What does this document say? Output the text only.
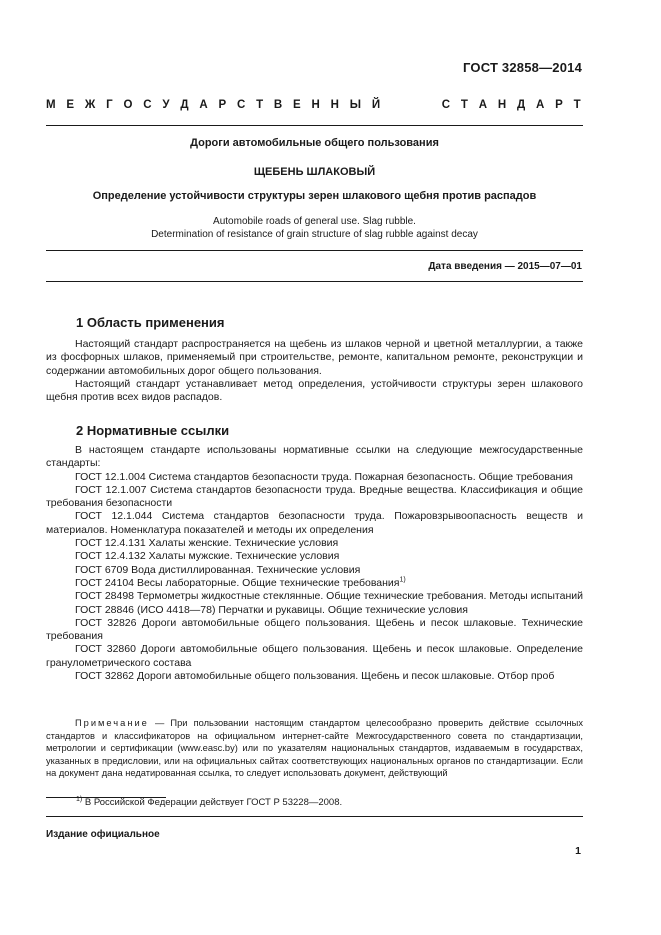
ГОСТ 32858—2014
М Е Ж Г О С У Д А Р С Т В Е Н Н Ы Й	С Т А Н Д А Р Т
Дороги автомобильные общего пользования
ЩЕБЕНЬ ШЛАКОВЫЙ
Определение устойчивости структуры зерен шлакового щебня против распадов
Automobile roads of general use. Slag rubble.
Determination of resistance of grain structure of slag rubble against decay
Дата введения — 2015—07—01
1 Область применения

Настоящий стандарт распространяется на щебень из шлаков черной и цветной металлургии, а также из фосфорных шлаков, применяемый при строительстве, ремонте, капитальном ремонте, реконструкции и содержании автомобильных дорог общего пользования.

Настоящий стандарт устанавливает метод определения, устойчивости структуры зерен шлакового щебня против всех видов распадов.

2 Нормативные ссылки

В настоящем стандарте использованы нормативные ссылки на следующие межгосударственные стандарты:

ГОСТ 12.1.004 Система стандартов безопасности труда. Пожарная безопасность. Общие требования

ГОСТ 12.1.007 Система стандартов безопасности труда. Вредные вещества. Классификация и общие требования безопасности

ГОСТ 12.1.044 Система стандартов безопасности труда. Пожаровзрывоопасность веществ и материалов. Номенклатура показателей и методы их определения

ГОСТ 12.4.131 Халаты женские. Технические условия

ГОСТ 12.4.132 Халаты мужские. Технические условия

ГОСТ 6709 Вода дистиллированная. Технические условия

ГОСТ 24104 Весы лабораторные. Общие технические требования$^{1)}$

ГОСТ 28498 Термометры жидкостные стеклянные. Общие технические требования. Методы испытаний

ГОСТ 28846 (ИСО 4418—78) Перчатки и рукавицы. Общие технические условия

ГОСТ 32826 Дороги автомобильные общего пользования. Щебень и песок шлаковые. Технические требования

ГОСТ 32860 Дороги автомобильные общего пользования. Щебень и песок шлаковые. Определение гранулометрического состава

ГОСТ 32862 Дороги автомобильные общего пользования. Щебень и песок шлаковые. Отбор проб

Примечание — При пользовании настоящим стандартом целесообразно проверить действие ссылочных стандартов и классификаторов на официальном интернет-сайте Межгосударственного совета по стандартизации, метрологии и сертификации (www.easc.by) или по указателям национальных стандартов, издаваемым в государствах, указанных в предисловии, или на официальных сайтах соответствующих национальных органов по стандартизации. Если на документ дана недатированная ссылка, то следует использовать документ, действующий

$^{1)}$ В Российской Федерации действует ГОСТ Р 53228—2008.
Издание официальное
1
